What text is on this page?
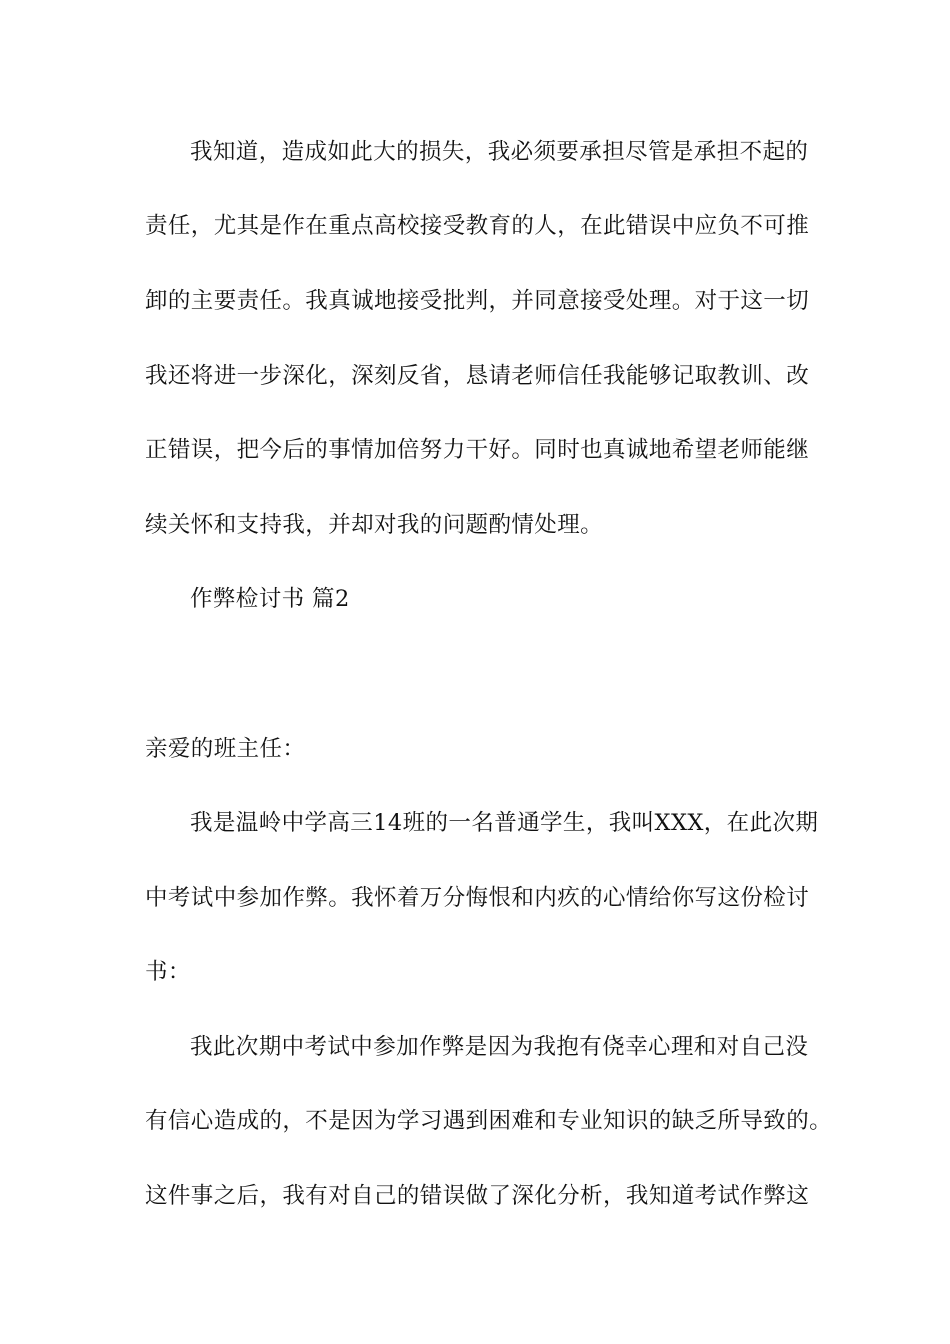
我知道，造成如此大的损失，我必须要承担尽管是承担不起的
责任，尤其是作在重点高校接受教育的人，在此错误中应负不可推
卸的主要责任。我真诚地接受批判，并同意接受处理。对于这一切
我还将进一步深化，深刻反省，恳请老师信任我能够记取教训、改
正错误，把今后的事情加倍努力干好。同时也真诚地希望老师能继
续关怀和支持我，并却对我的问题酌情处理。
作弊检讨书 篇2
亲爱的班主任：
我是温岭中学高三14班的一名普通学生，我叫XXX，在此次期
中考试中参加作弊。我怀着万分悔恨和内疚的心情给你写这份检讨
书：
我此次期中考试中参加作弊是因为我抱有侥幸心理和对自己没
有信心造成的，不是因为学习遇到困难和专业知识的缺乏所导致的。
这件事之后，我有对自己的错误做了深化分析，我知道考试作弊这
